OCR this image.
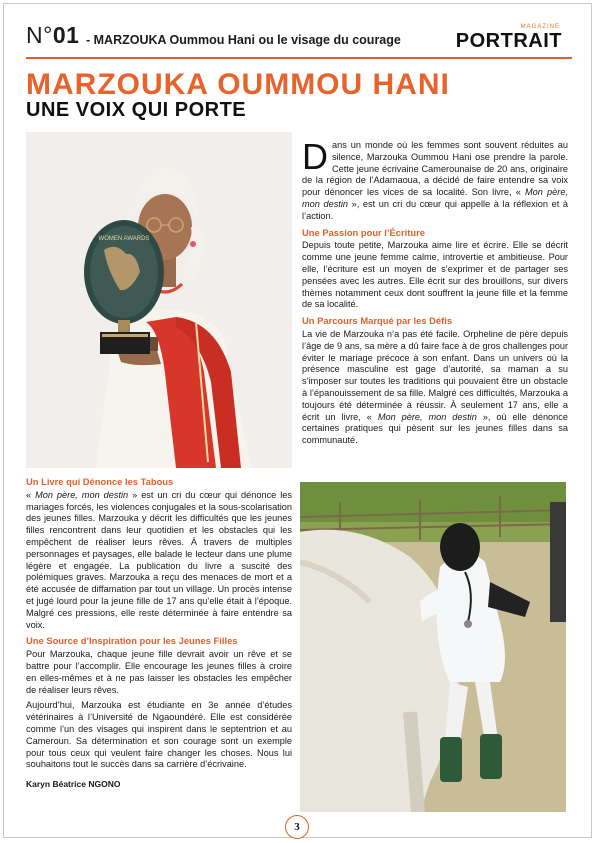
N°01 - MARZOUKA Oummou Hani ou le visage du courage
MAGAZINE
PORTRAIT
MARZOUKA OUMMOU HANI
UNE VOIX QUI PORTE
WOMEN AWARDS

Dans un monde où les femmes sont souvent réduites au silence, Marzouka Oummou Hani ose prendre la parole. Cette jeune écrivaine Camerounaise de 20 ans, originaire de la région de l’Adamaoua, a décidé de faire entendre sa voix pour dénoncer les vices de sa localité. Son livre, « Mon père, mon destin », est un cri du cœur qui appelle à la réflexion et à l’action.

Une Passion pour l’Écriture

Depuis toute petite, Marzouka aime lire et écrire. Elle se décrit comme une jeune femme calme, introvertie et ambitieuse. Pour elle, l’écriture est un moyen de s’exprimer et de partager ses pensées avec les autres. Elle écrit sur des brouillons, sur divers thèmes notamment ceux dont souffrent la jeune fille et la femme de sa localité.

Un Parcours Marqué par les Défis

La vie de Marzouka n’a pas été facile. Orpheline de père depuis l’âge de 9 ans, sa mère a dû faire face à de gros challenges pour éviter le mariage précoce à son enfant. Dans un univers où la présence masculine est gage d’autorité, sa maman a su s’imposer sur toutes les traditions qui pouvaient être un obstacle à l’épanouissement de sa fille. Malgré ces difficultés, Marzouka a toujours été déterminée à réussir. À seulement 17 ans, elle a écrit un livre, « Mon père, mon destin », où elle dénonce certaines pratiques qui pèsent sur les jeunes filles dans sa communauté.

Un Livre qui Dénonce les Tabous

« Mon père, mon destin » est un cri du cœur qui dénonce les mariages forcés, les violences conjugales et la sous-scolarisation des jeunes filles. Marzouka y décrit les difficultés que les jeunes filles rencontrent dans leur quotidien et les obstacles qui les empêchent de réaliser leurs rêves. À travers de multiples personnages et paysages, elle balade le lecteur dans une plume légère et engagée. La publication du livre a suscité des polémiques graves. Marzouka a reçu des menaces de mort et a été accusée de diffamation par tout un village. Un procès intense et jugé lourd pour la jeune fille de 17 ans qu’elle était à l’époque. Malgré ces pressions, elle reste déterminée à faire entendre sa voix.

Une Source d’Inspiration pour les Jeunes Filles

Pour Marzouka, chaque jeune fille devrait avoir un rêve et se battre pour l’accomplir. Elle encourage les jeunes filles à croire en elles-mêmes et à ne pas laisser les obstacles les empêcher de réaliser leurs rêves.

Aujourd’hui, Marzouka est étudiante en 3e année d’études vétérinaires à l’Université de Ngaoundéré. Elle est considérée comme l’un des visages qui inspirent dans le septentrion et au Cameroun. Sa détermination et son courage sont un exemple pour tous ceux qui veulent faire changer les choses. Nous lui souhaitons tout le succès dans sa carrière d’écrivaine.

Karyn Béatrice NGONO

3
